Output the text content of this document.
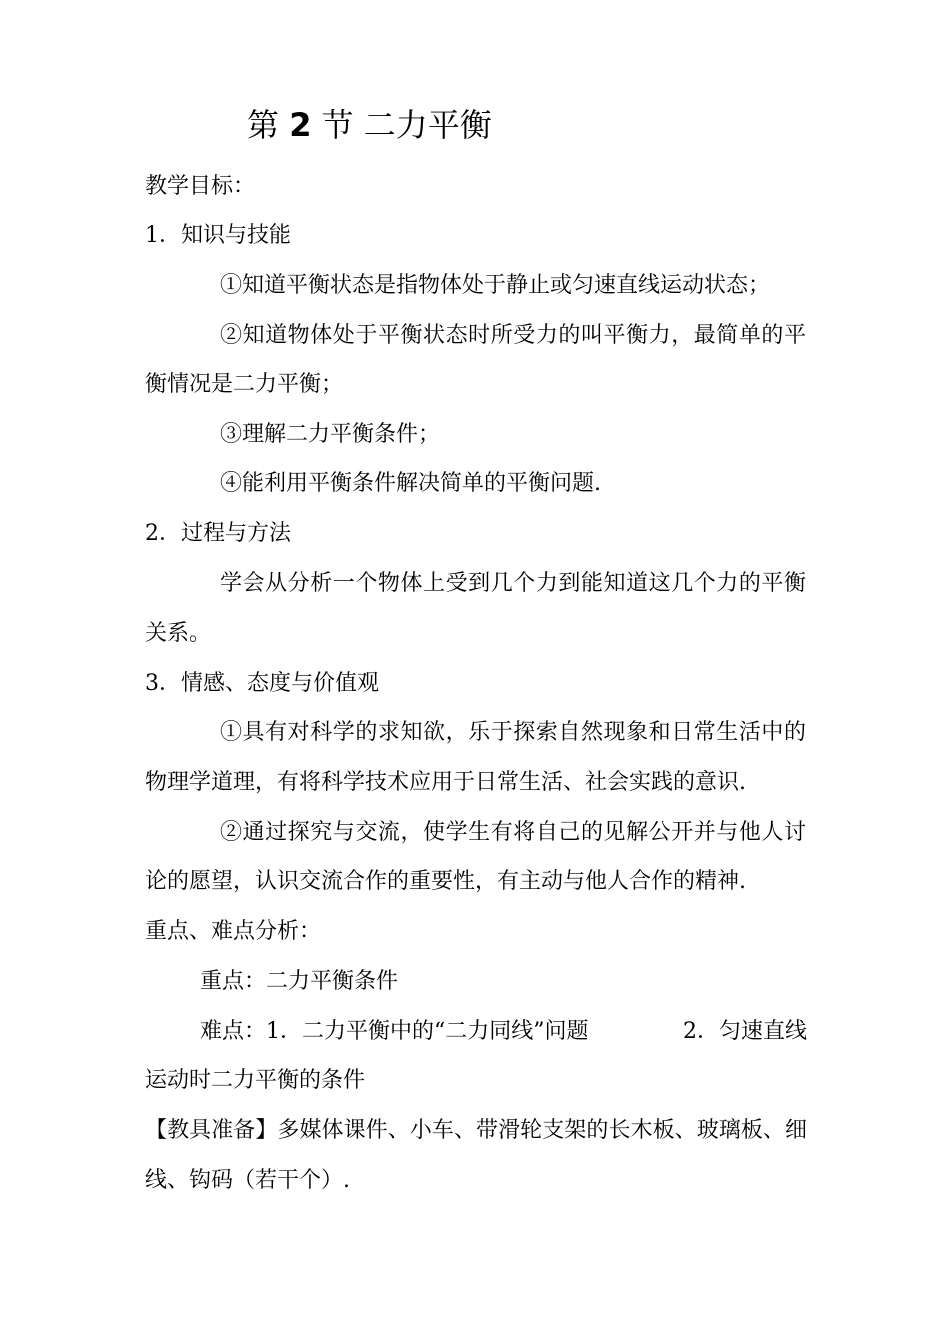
第 2 节 二力平衡
教学目标：
1．知识与技能
①知道平衡状态是指物体处于静止或匀速直线运动状态；
②知道物体处于平衡状态时所受力的叫平衡力，最简单的平
衡情况是二力平衡；
③理解二力平衡条件；
④能利用平衡条件解决简单的平衡问题.
2．过程与方法
学会从分析一个物体上受到几个力到能知道这几个力的平衡
关系。
3．情感、态度与价值观
①具有对科学的求知欲，乐于探索自然现象和日常生活中的
物理学道理，有将科学技术应用于日常生活、社会实践的意识.
②通过探究与交流，使学生有将自己的见解公开并与他人讨
论的愿望，认识交流合作的重要性，有主动与他人合作的精神.
重点、难点分析：
重点：二力平衡条件
难点：1．二力平衡中的“二力同线”问题	2．匀速直线
运动时二力平衡的条件
【教具准备】多媒体课件、小车、带滑轮支架的长木板、玻璃板、细
线、钩码（若干个）.
